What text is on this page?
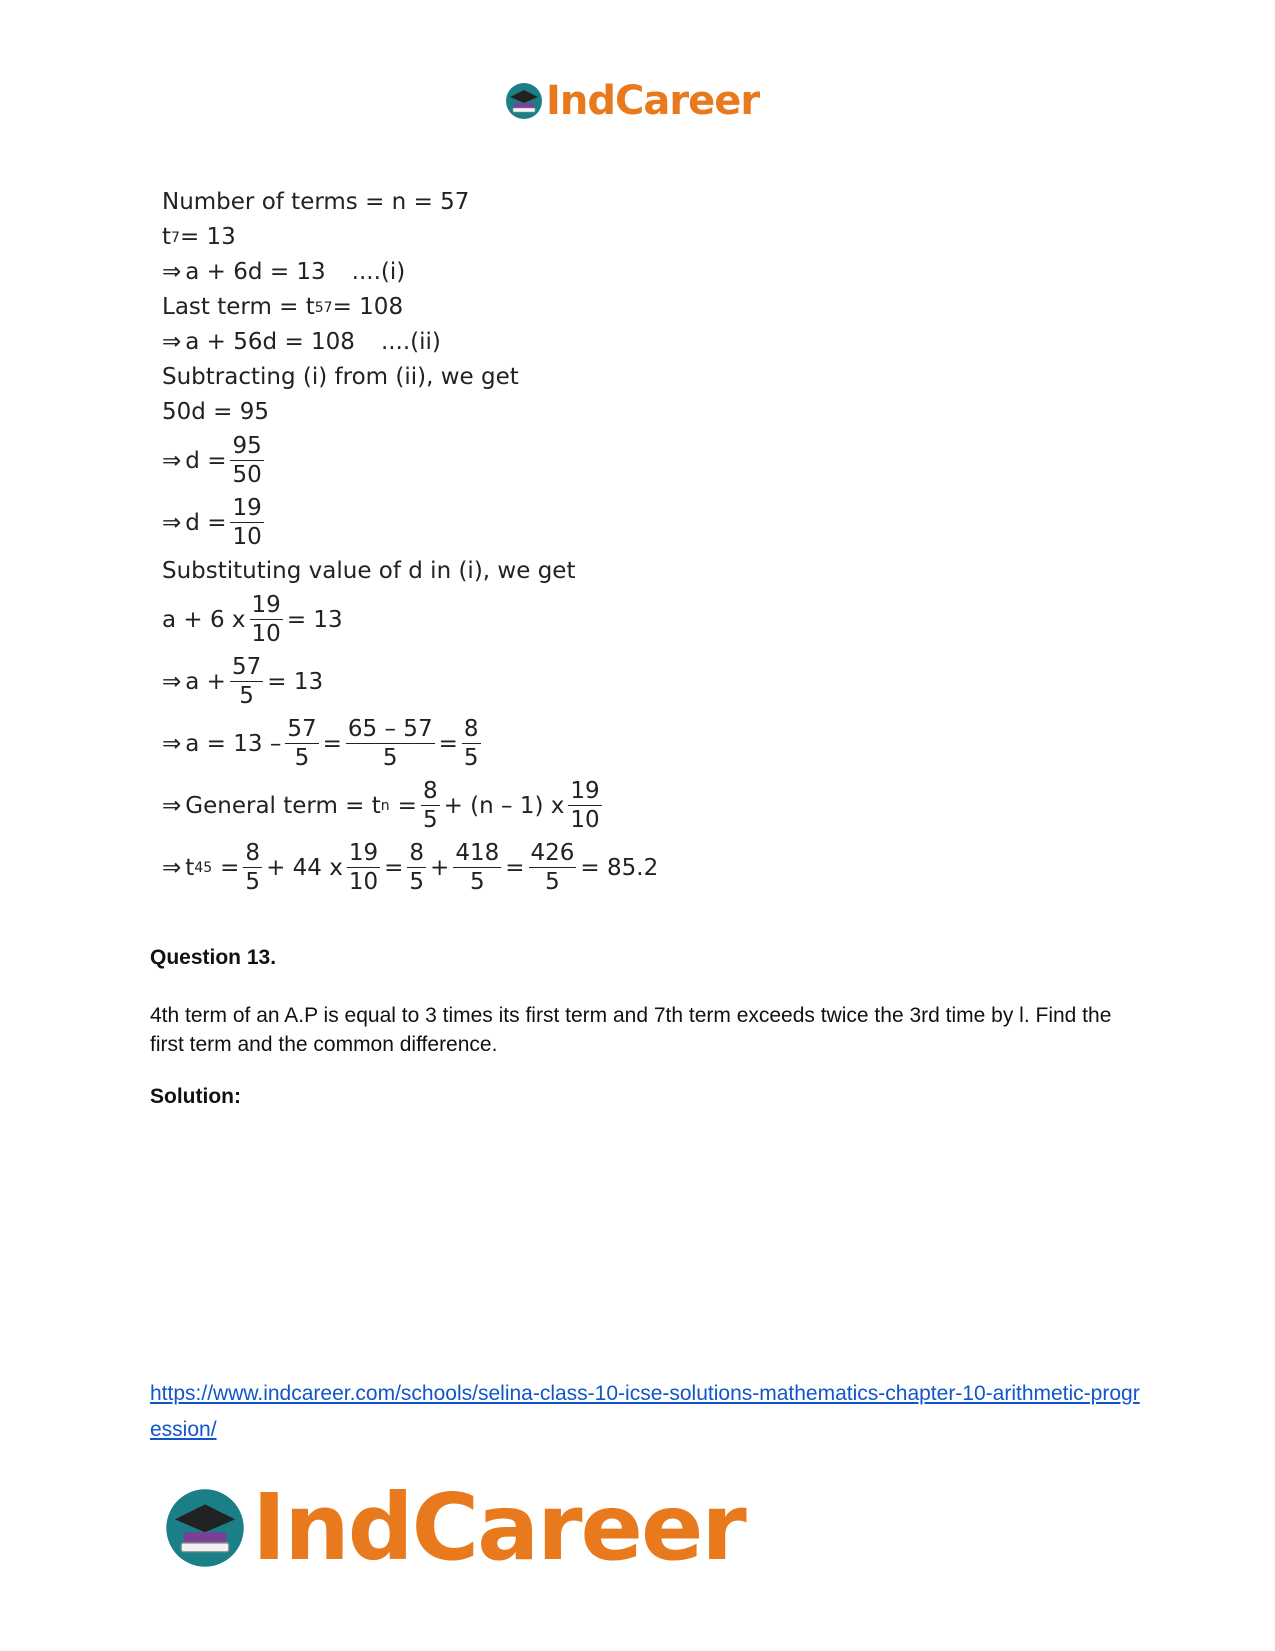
IndCareer
Number of terms = n = 57
t 7 = 13
⇒ a + 6d = 13 ....(i)
Last term = t 57 = 108
⇒ a + 56d = 108 ....(ii)
Subtracting (i) from (ii), we get
50d = 95
⇒ $d = \frac{95}{50}$
⇒ $d = \frac{19}{10}$
Substituting value of d in (i), we get
a + 6 x $\frac{19}{10} = 13$
⇒ $a + \frac{57}{5} = 13$
⇒ $a = 13 - \frac{57}{5} = \frac{65 - 57}{5} = \frac{8}{5}$
⇒ General term = t $n = \frac{8}{5} + (n - 1)$ x $\frac{19}{10}$
⇒ t $45 = \frac{8}{5} + 44$ x $\frac{19}{10} = \frac{8}{5} + \frac{418}{5} = \frac{426}{5} = 85.2$
Question 13.
4th term of an A.P is equal to 3 times its first term and 7th term exceeds twice the 3rd time by l. Find the first term and the common difference.
Solution:
https://www.indcareer.com/schools/selina-class-10-icse-solutions-mathematics-chapter-10-arithmetic-progression/
IndCareer
